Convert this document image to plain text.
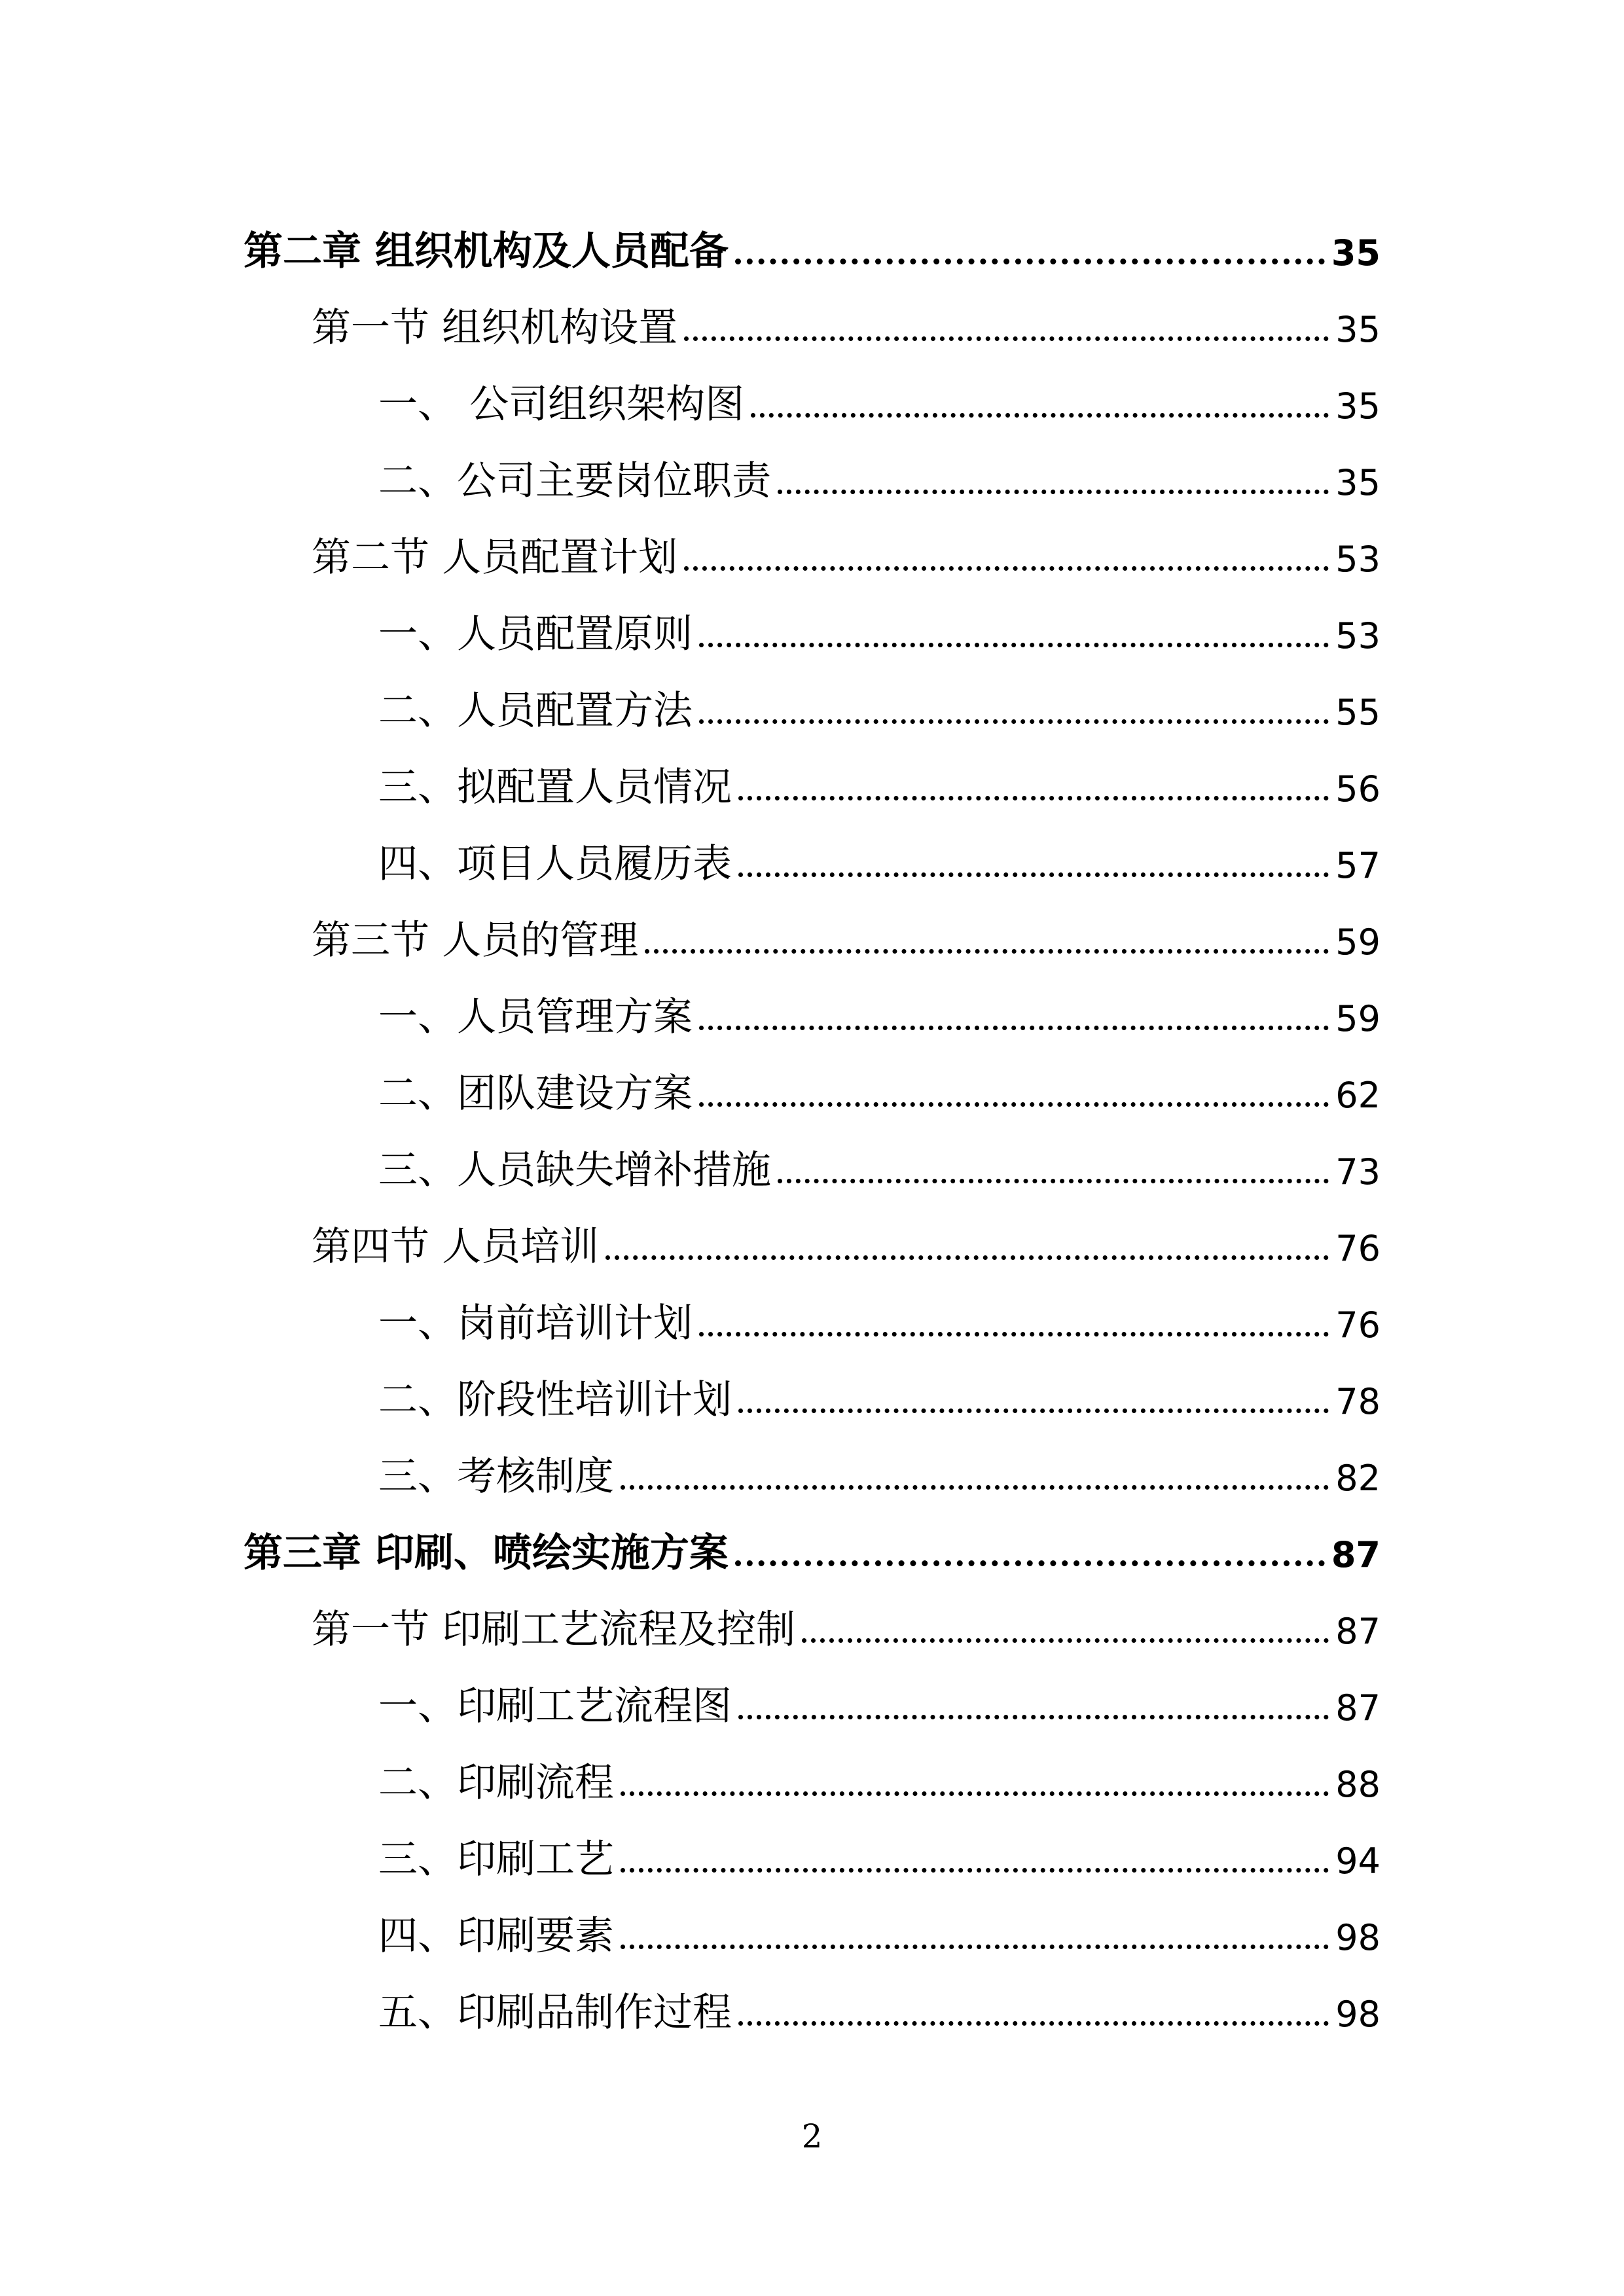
第二章 组织机构及人员配备	35
第一节 组织机构设置	35
一、 公司组织架构图	35
二、公司主要岗位职责	35
第二节 人员配置计划	53
一、人员配置原则	53
二、人员配置方法	55
三、拟配置人员情况	56
四、项目人员履历表	57
第三节 人员的管理	59
一、人员管理方案	59
二、团队建设方案	62
三、人员缺失增补措施	73
第四节 人员培训	76
一、岗前培训计划	76
二、阶段性培训计划	78
三、考核制度	82
第三章 印刷、喷绘实施方案	87
第一节 印刷工艺流程及控制	87
一、印刷工艺流程图	87
二、印刷流程	88
三、印刷工艺	94
四、印刷要素	98
五、印刷品制作过程	98
2
